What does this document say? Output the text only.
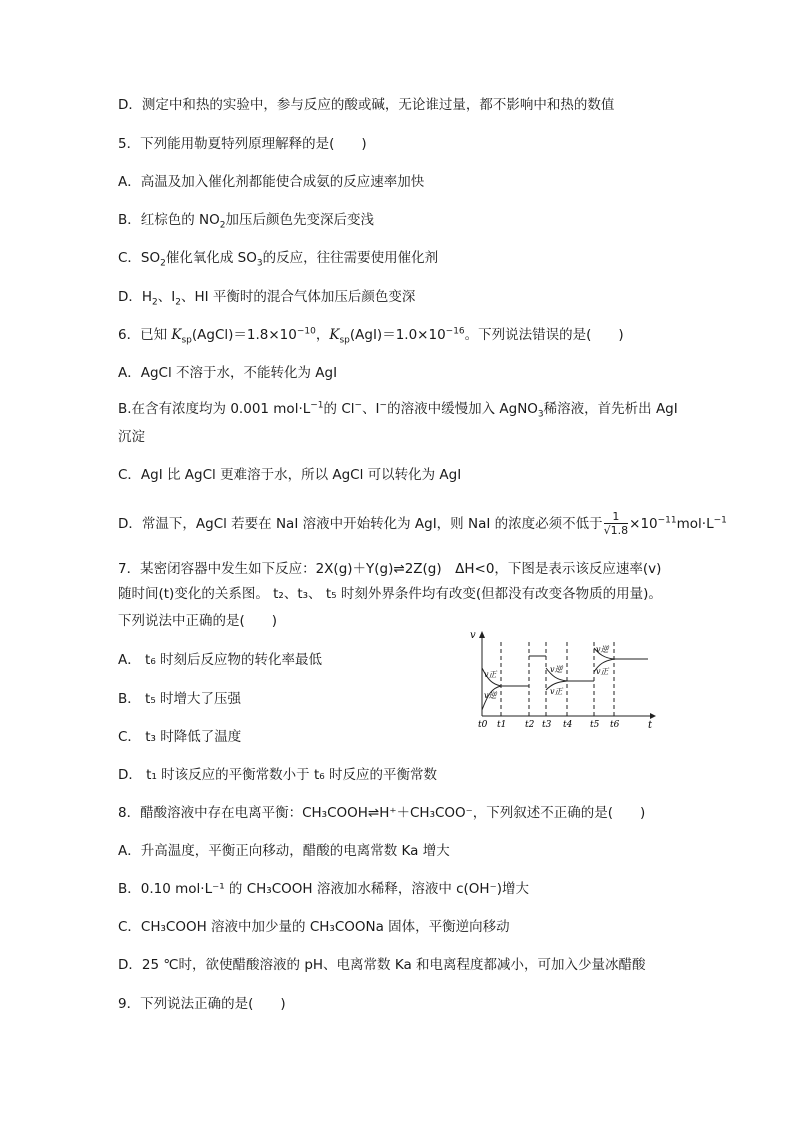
D．测定中和热的实验中，参与反应的酸或碱，无论谁过量，都不影响中和热的数值
5．下列能用勒夏特列原理解释的是(　　)
A．高温及加入催化剂都能使合成氨的反应速率加快
B．红棕色的 $NO_2$加压后颜色先变深后变浅
C．$SO_2$催化氧化成 $SO_3$的反应，往往需要使用催化剂
D．$H_2$、$I_2$、HI 平衡时的混合气体加压后颜色变深
6．已知 $K_{sp}(AgCl)=1.8\times 10^{-10}$，$K_{sp}(AgI)=1.0\times 10^{-16}$。下列说法错误的是(　　)
A．AgCl 不溶于水，不能转化为 AgI
B.在含有浓度均为 0.001 $mol\cdot L^{-1}$的 Cl−、I−的溶液中缓慢加入 AgNO$_3$稀溶液，首先析出 AgI
沉淀
C．AgI 比 AgCl 更难溶于水，所以 AgCl 可以转化为 AgI
D．常温下，AgCl 若要在 NaI 溶液中开始转化为 AgI，则 NaI 的浓度必须不低于 $\frac{1}{√1.8} \times 10^{-11}mol\cdot L^{-1}$
7．某密闭容器中发生如下反应：2X(g)＋Y(g)⇌2Z(g)　ΔH<0，下图是表示该反应速率(v)
随时间(t)变化的关系图。 t₂、t₃、 t₅ 时刻外界条件均有改变(但都没有改变各物质的用量)。
下列说法中正确的是(　　)
A． t₆ 时刻后反应物的转化率最低
B． t₅ 时增大了压强
C． t₃ 时降低了温度
D． t₁ 时该反应的平衡常数小于 t₆ 时反应的平衡常数
v
t
v正
v逆
v逆
v正
v逆
v正
t0 t1 t2 t3 t4 t5 t6
8．醋酸溶液中存在电离平衡：CH₃COOH⇌H⁺＋CH₃COO⁻，下列叙述不正确的是(　　)
A．升高温度，平衡正向移动，醋酸的电离常数 Ka 增大
B．0.10 mol·L⁻¹ 的 CH₃COOH 溶液加水稀释，溶液中 c(OH⁻)增大
C．CH₃COOH 溶液中加少量的 CH₃COONa 固体，平衡逆向移动
D．25 ℃时，欲使醋酸溶液的 pH、电离常数 Ka 和电离程度都减小，可加入少量冰醋酸
9．下列说法正确的是(　　)
